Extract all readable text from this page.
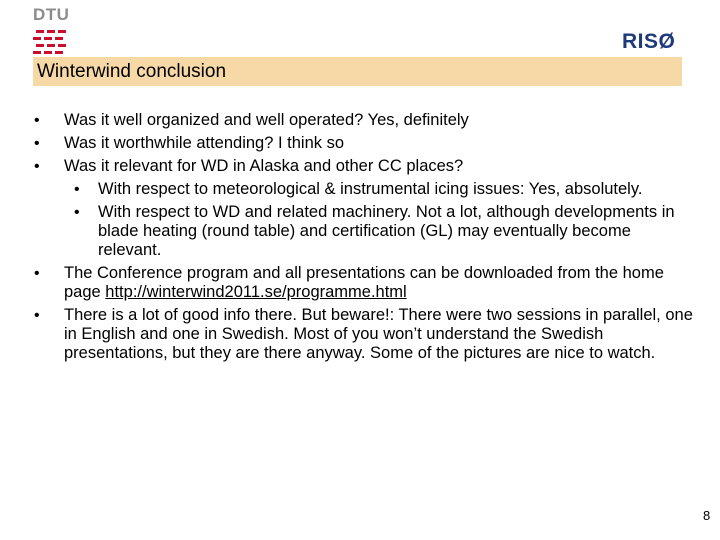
DTU
RISØ
Winterwind conclusion
• Was it well organized and well operated? Yes, definitely
• Was it worthwhile attending? I think so
• Was it relevant for WD in Alaska and other CC places?
• With respect to meteorological & instrumental icing issues: Yes, absolutely.
• With respect to WD and related machinery. Not a lot, although developments in blade heating (round table) and certification (GL) may eventually become relevant.
• The Conference program and all presentations can be downloaded from the home page http://winterwind2011.se/programme.html
• There is a lot of good info there. But beware!: There were two sessions in parallel, one in English and one in Swedish. Most of you won’t understand the Swedish presentations, but they are there anyway. Some of the pictures are nice to watch.
8
